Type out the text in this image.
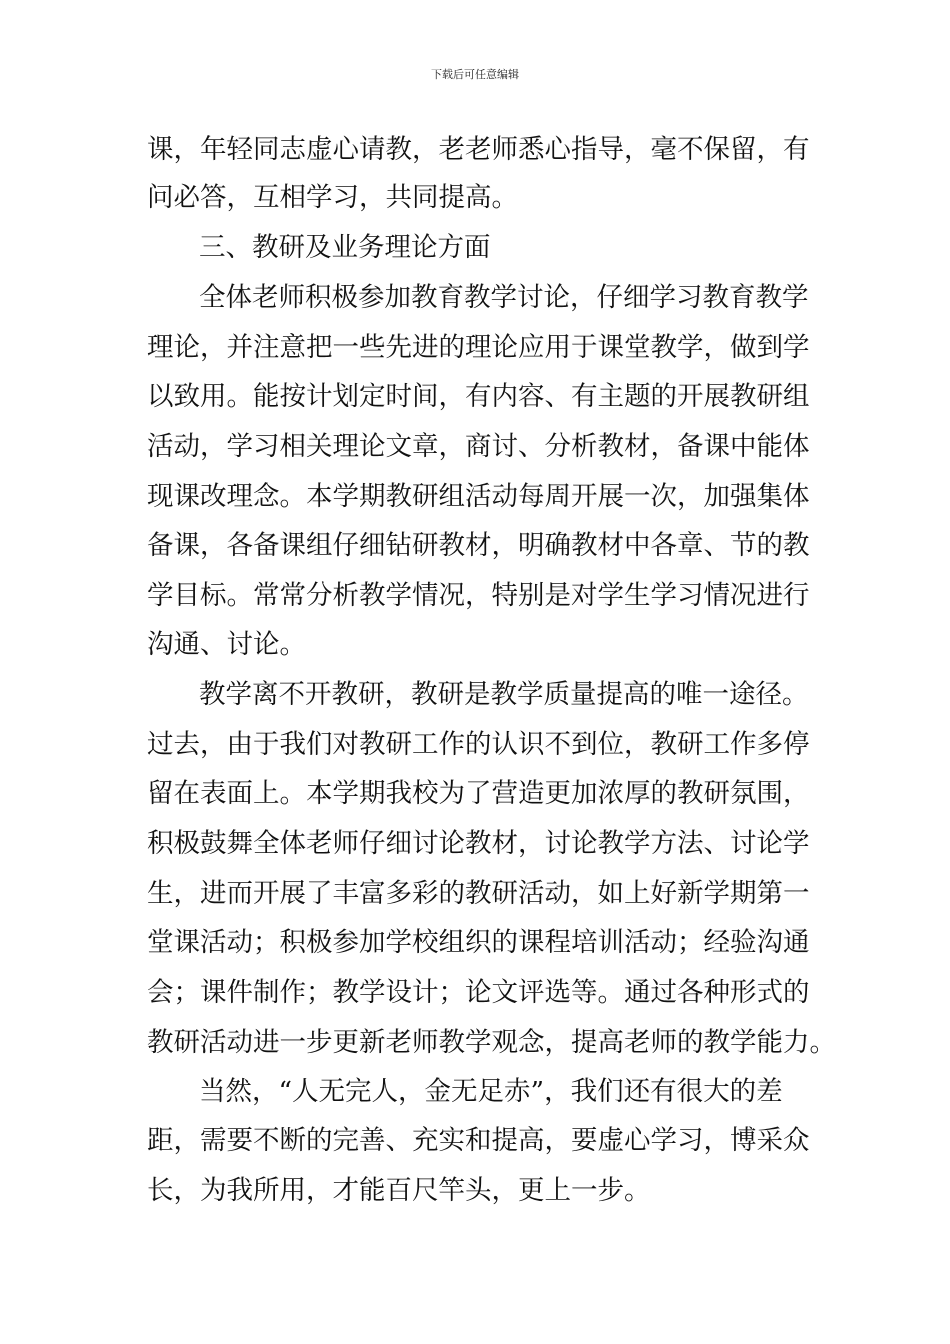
下载后可任意编辑
课，年轻同志虚心请教，老老师悉心指导，毫不保留，有
问必答，互相学习，共同提高。
三、教研及业务理论方面
全体老师积极参加教育教学讨论，仔细学习教育教学
理论，并注意把一些先进的理论应用于课堂教学，做到学
以致用。能按计划定时间，有内容、有主题的开展教研组
活动，学习相关理论文章，商讨、分析教材，备课中能体
现课改理念。本学期教研组活动每周开展一次，加强集体
备课，各备课组仔细钻研教材，明确教材中各章、节的教
学目标。常常分析教学情况，特别是对学生学习情况进行
沟通、讨论。
教学离不开教研，教研是教学质量提高的唯一途径。
过去，由于我们对教研工作的认识不到位，教研工作多停
留在表面上。本学期我校为了营造更加浓厚的教研氛围，
积极鼓舞全体老师仔细讨论教材，讨论教学方法、讨论学
生，进而开展了丰富多彩的教研活动，如上好新学期第一
堂课活动；积极参加学校组织的课程培训活动；经验沟通
会；课件制作；教学设计；论文评选等。通过各种形式的
教研活动进一步更新老师教学观念，提高老师的教学能力。
当然，“人无完人，金无足赤”，我们还有很大的差
距，需要不断的完善、充实和提高，要虚心学习，博采众
长，为我所用，才能百尺竿头，更上一步。
